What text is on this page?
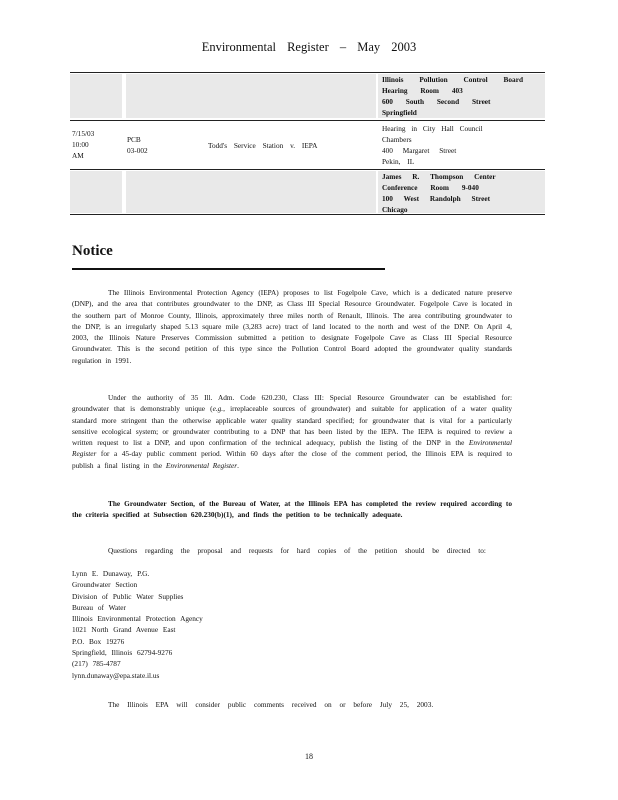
Environmental Register – May 2003
Illinois Pollution Control Board
Hearing Room 403
600 South Second Street
Springfield
7/15/03
10:00
AM
PCB
03-002
Todd's Service Station v. IEPA
Hearing in City Hall Council
Chambers
400 Margaret Street
Pekin, IL
James R. Thompson Center
Conference Room 9-040
100 West Randolph Street
Chicago
Notice

The Illinois Environmental Protection Agency (IEPA) proposes to list Fogelpole Cave, which is a dedicated nature preserve (DNP), and the area that contributes groundwater to the DNP, as Class III Special Resource Groundwater. Fogelpole Cave is located in the southern part of Monroe County, Illinois, approximately three miles north of Renault, Illinois. The area contributing groundwater to the DNP, is an irregularly shaped 5.13 square mile (3,283 acre) tract of land located to the north and west of the DNP. On April 4, 2003, the Illinois Nature Preserves Commission submitted a petition to designate Fogelpole Cave as Class III Special Resource Groundwater. This is the second petition of this type since the Pollution Control Board adopted the groundwater quality standards regulation in 1991.

Under the authority of 35 Ill. Adm. Code 620.230, Class III: Special Resource Groundwater can be established for: groundwater that is demonstrably unique (e.g., irreplaceable sources of groundwater) and suitable for application of a water quality standard more stringent than the otherwise applicable water quality standard specified; for groundwater that is vital for a particularly sensitive ecological system; or groundwater contributing to a DNP that has been listed by the IEPA. The IEPA is required to review a written request to list a DNP, and upon confirmation of the technical adequacy, publish the listing of the DNP in the Environmental Register for a 45-day public comment period. Within 60 days after the close of the comment period, the Illinois EPA is required to publish a final listing in the Environmental Register.

The Groundwater Section, of the Bureau of Water, at the Illinois EPA has completed the review required according to the criteria specified at Subsection 620.230(b)(1), and finds the petition to be technically adequate.

Questions regarding the proposal and requests for hard copies of the petition should be directed to:

Lynn E. Dunaway, P.G.
Groundwater Section
Division of Public Water Supplies
Bureau of Water
Illinois Environmental Protection Agency
1021 North Grand Avenue East
P.O. Box 19276
Springfield, Illinois 62794-9276
(217) 785-4787
lynn.dunaway@epa.state.il.us

The Illinois EPA will consider public comments received on or before July 25, 2003.

18
